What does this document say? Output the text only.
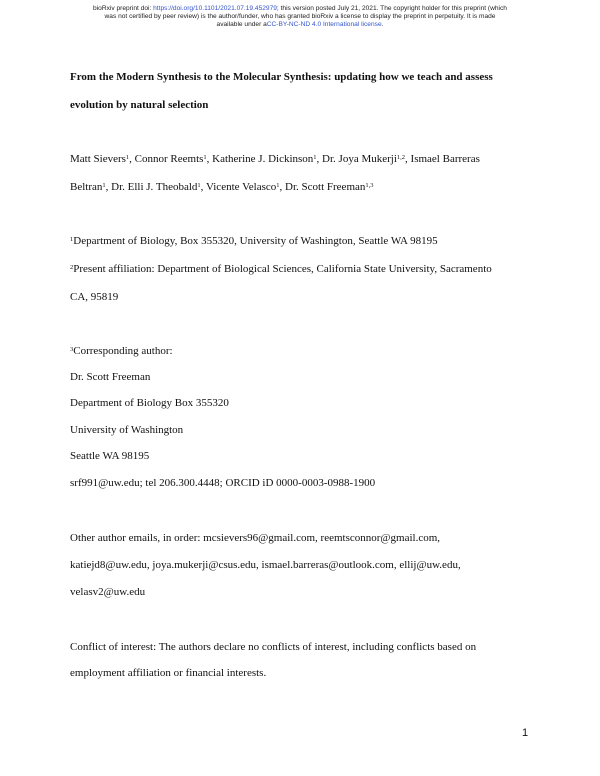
bioRxiv preprint doi: https://doi.org/10.1101/2021.07.19.452979; this version posted July 21, 2021. The copyright holder for this preprint (which
was not certified by peer review) is the author/funder, who has granted bioRxiv a license to display the preprint in perpetuity. It is made
available under aCC-BY-NC-ND 4.0 International license.
From the Modern Synthesis to the Molecular Synthesis: updating how we teach and assess
evolution by natural selection
Matt Sievers$^1$, Connor Reemts$^1$, Katherine J. Dickinson$^1$, Dr. Joya Mukerji$^{1,2}$, Ismael Barreras
Beltran$^1$, Dr. Elli J. Theobald$^1$, Vicente Velasco$^1$, Dr. Scott Freeman$^{1,3}$
$^1$Department of Biology, Box 355320, University of Washington, Seattle WA 98195
$^2$Present affiliation: Department of Biological Sciences, California State University, Sacramento
CA, 95819
$^3$Corresponding author:
Dr. Scott Freeman
Department of Biology Box 355320
University of Washington
Seattle WA 98195
srf991@uw.edu; tel 206.300.4448; ORCID iD 0000-0003-0988-1900
Other author emails, in order: mcsievers96@gmail.com, reemtsconnor@gmail.com,
katiejd8@uw.edu, joya.mukerji@csus.edu, ismael.barreras@outlook.com, ellij@uw.edu,
velasv2@uw.edu
Conflict of interest: The authors declare no conflicts of interest, including conflicts based on
employment affiliation or financial interests.
1
